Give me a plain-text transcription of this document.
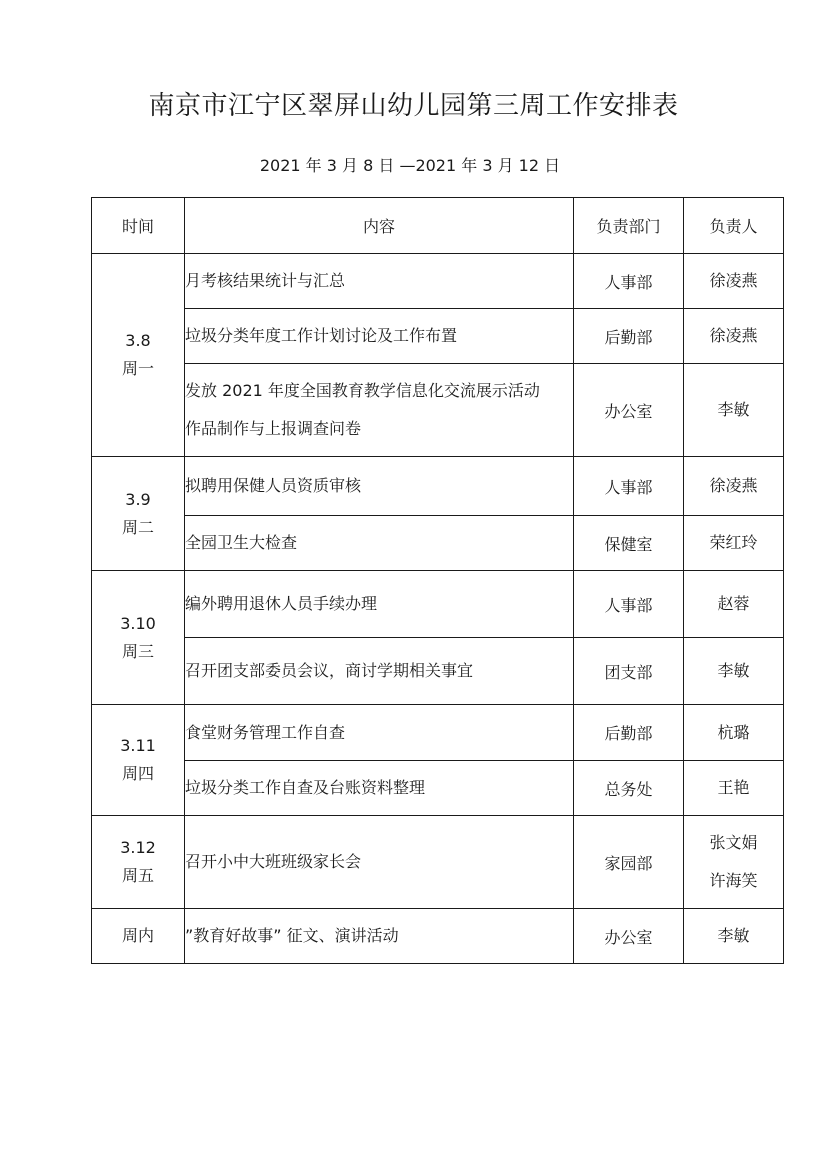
南京市江宁区翠屏山幼儿园第三周工作安排表
2021 年 3 月 8 日 —2021 年 3 月 12 日
时间	内容	负责部门	负责人

3.8
周一	月考核结果统计与汇总	人事部	徐凌燕
	垃圾分类年度工作计划讨论及工作布置	后勤部	徐凌燕

	发放 2021 年度全国教育教学信息化交流展示活动
作品制作与上报调查问卷	办公室	李敏

3.9
周二	拟聘用保健人员资质审核	人事部	徐凌燕
	全园卫生大检查	保健室	荣红玲

3.10
周三	编外聘用退休人员手续办理	人事部	赵蓉
	召开团支部委员会议，商讨学期相关事宜	团支部	李敏

3.11
周四	食堂财务管理工作自查	后勤部	杭璐
	垃圾分类工作自查及台账资料整理	总务处	王艳

3.12
周五	召开小中大班班级家长会	家园部	张文娟
许海笑

周内	”教育好故事” 征文、演讲活动	办公室	李敏
